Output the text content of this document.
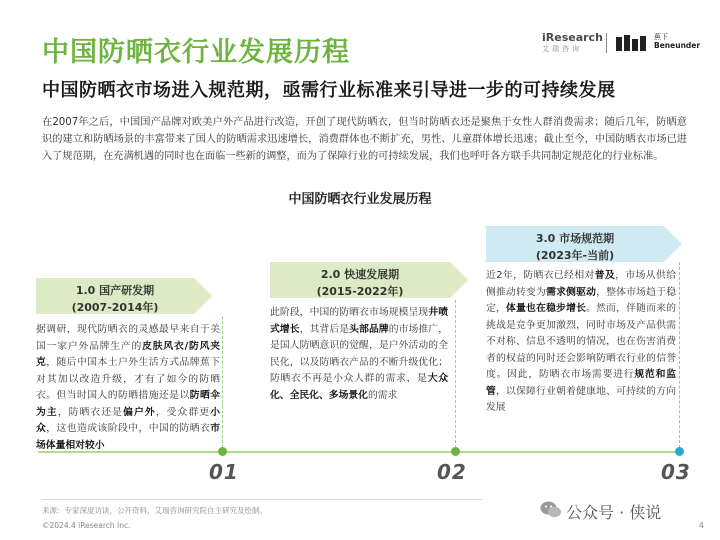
中国防晒衣行业发展历程
中国防晒衣市场进入规范期，亟需行业标准来引导进一步的可持续发展
iResearch
艾瑞咨询
蕉下
Beneunder
在2007年之后，中国国产品牌对欧美户外产品进行改造，开创了现代防晒衣，但当时防晒衣还是聚焦于女性人群消费需求；随后几年，防晒意识的建立和防晒场景的丰富带来了国人的防晒需求迅速增长，消费群体也不断扩充，男性、儿童群体增长迅速；截止至今，中国防晒衣市场已进入了规范期，在充满机遇的同时也在面临一些新的调整，而为了保障行业的可持续发展，我们也呼吁各方联手共同制定规范化的行业标准。
中国防晒衣行业发展历程
1.0 国产研发期
(2007-2014年)
据调研，现代防晒衣的灵感最早来自于美国一家户外品牌生产的皮肤风衣/防风夹克，随后中国本土户外生活方式品牌蕉下对其加以改造升级，才有了如今的防晒衣。但当时国人的防晒措施还是以防晒伞为主，防晒衣还是偏户外，受众群更小众，这也造成该阶段中，中国的防晒衣市场体量相对较小
2.0 快速发展期
(2015-2022年)
此阶段，中国的防晒衣市场规模呈现井喷式增长，其背后是头部品牌的市场推广，是国人防晒意识的觉醒，是户外活动的全民化，以及防晒衣产品的不断升级优化；防晒衣不再是小众人群的需求，是大众化、全民化、多场景化的需求
3.0 市场规范期
(2023年-当前)
近2年，防晒衣已经相对普及，市场从供给侧推动转变为需求侧驱动，整体市场趋于稳定，体量也在稳步增长。然而，伴随而来的挑战是竞争更加激烈，同时市场及产品供需不对称、信息不透明的情况，也在伤害消费者的权益的同时还会影响防晒衣行业的信誉度。因此，防晒衣市场需要进行规范和监管，以保障行业朝着健康地、可持续的方向发展
01	02	03
来源：专家深度访谈，公开资料，艾瑞咨询研究院自主研究及绘制。
©2024.4 iResearch Inc.	4
公众号 · 侠说
